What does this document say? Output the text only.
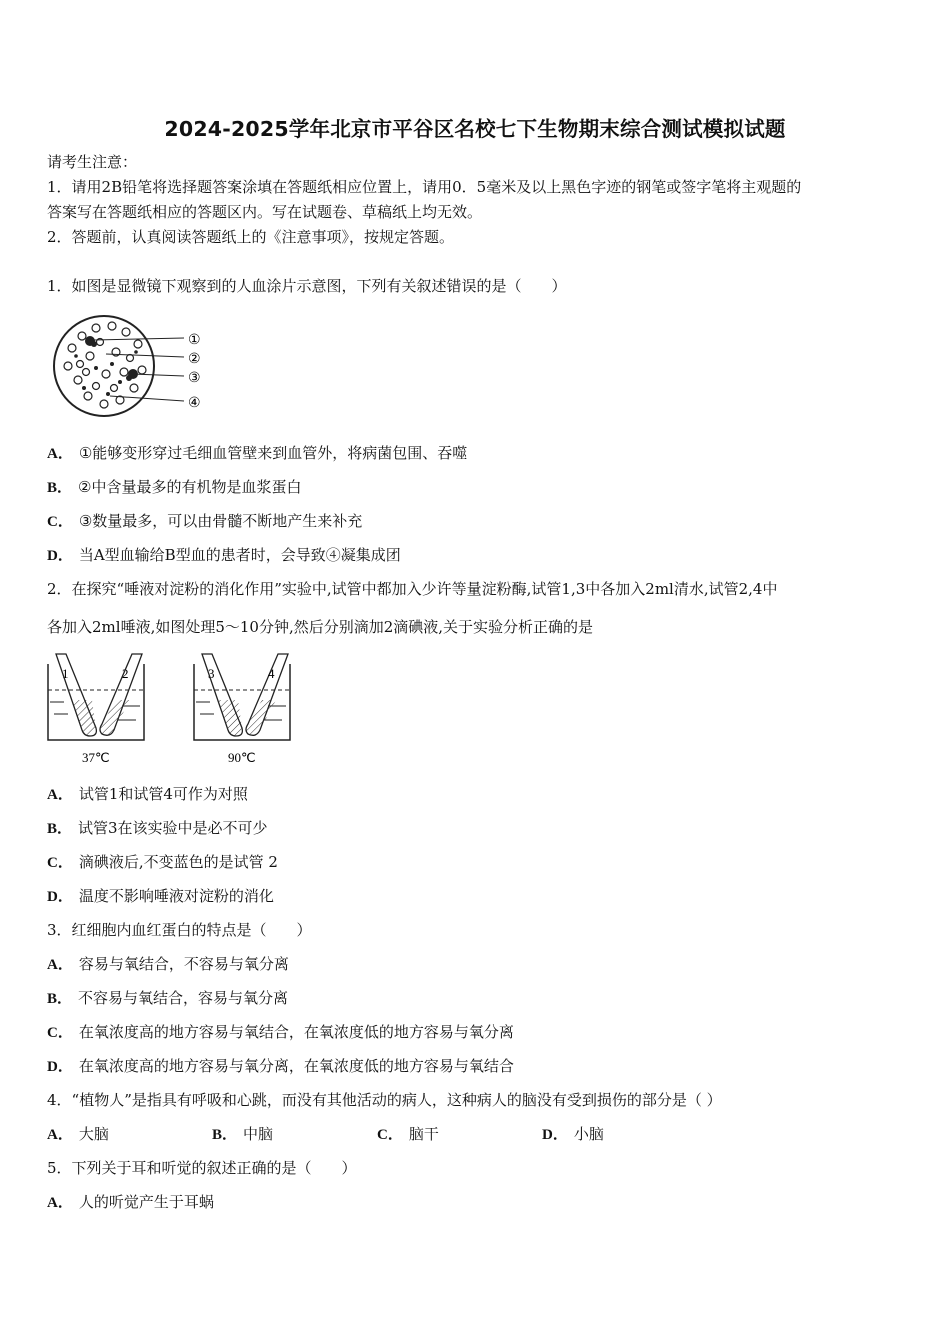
2024-2025学年北京市平谷区名校七下生物期末综合测试模拟试题
请考生注意：
1．请用2B铅笔将选择题答案涂填在答题纸相应位置上，请用0．5毫米及以上黑色字迹的钢笔或签字笔将主观题的
答案写在答题纸相应的答题区内。写在试题卷、草稿纸上均无效。
2．答题前，认真阅读答题纸上的《注意事项》，按规定答题。
1．如图是显微镜下观察到的人血涂片示意图，下列有关叙述错误的是（　　）
①
②
③
④
A． ①能够变形穿过毛细血管壁来到血管外，将病菌包围、吞噬
B． ②中含量最多的有机物是血浆蛋白
C． ③数量最多，可以由骨髓不断地产生来补充
D． 当A型血输给B型血的患者时，会导致④凝集成团
2．在探究“唾液对淀粉的消化作用”实验中,试管中都加入少许等量淀粉酶,试管1,3中各加入2ml清水,试管2,4中
各加入2ml唾液,如图处理5～10分钟,然后分别滴加2滴碘液,关于实验分析正确的是
1	2
37℃
3	4
90℃
A． 试管1和试管4可作为对照
B． 试管3在该实验中是必不可少
C． 滴碘液后,不变蓝色的是试管 2
D． 温度不影响唾液对淀粉的消化
3．红细胞内血红蛋白的特点是（　　）
A． 容易与氧结合，不容易与氧分离
B． 不容易与氧结合，容易与氧分离
C． 在氧浓度高的地方容易与氧结合，在氧浓度低的地方容易与氧分离
D． 在氧浓度高的地方容易与氧分离，在氧浓度低的地方容易与氧结合
4．“植物人”是指具有呼吸和心跳，而没有其他活动的病人，这种病人的脑没有受到损伤的部分是（ ）
A． 大脑	B． 中脑	C． 脑干	D． 小脑
5．下列关于耳和听觉的叙述正确的是（　　）
A． 人的听觉产生于耳蜗
